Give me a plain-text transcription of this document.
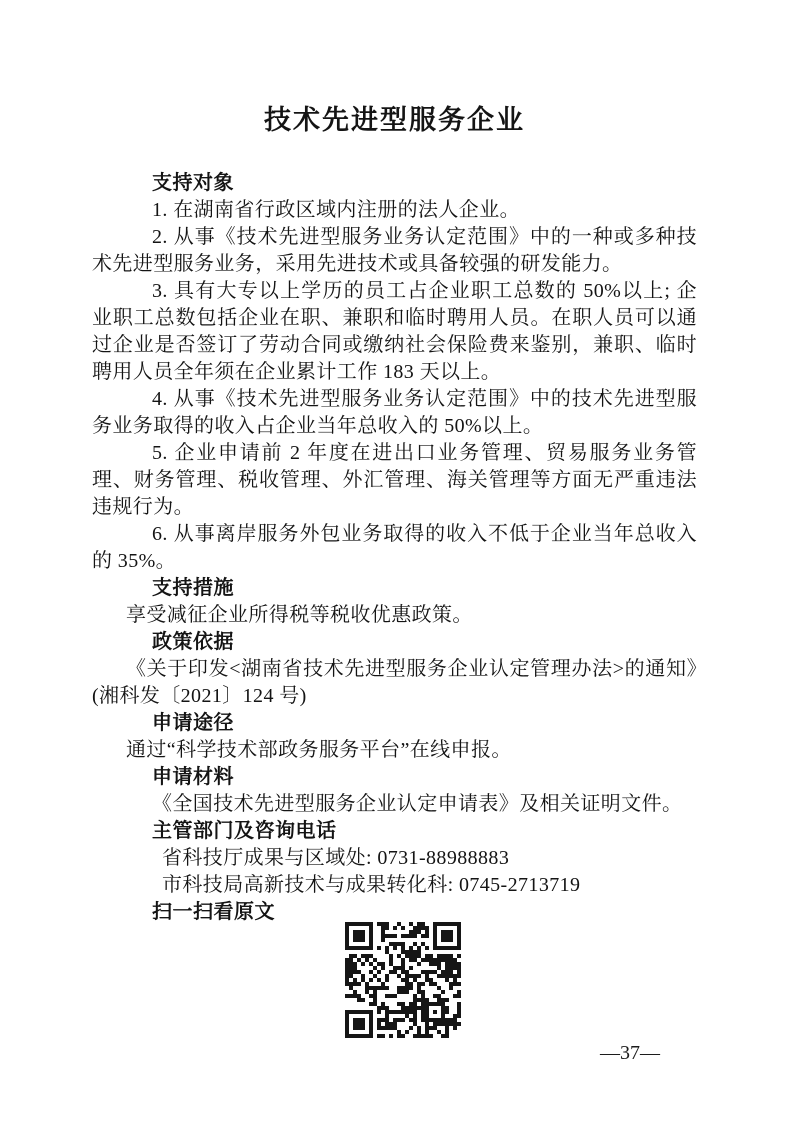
技术先进型服务企业
支持对象

1. 在湖南省行政区域内注册的法人企业。

2. 从事《技术先进型服务业务认定范围》中的一种或多种技术先进型服务业务，采用先进技术或具备较强的研发能力。

3. 具有大专以上学历的员工占企业职工总数的 50%以上; 企业职工总数包括企业在职、兼职和临时聘用人员。在职人员可以通过企业是否签订了劳动合同或缴纳社会保险费来鉴别，兼职、临时聘用人员全年须在企业累计工作 183 天以上。

4. 从事《技术先进型服务业务认定范围》中的技术先进型服务业务取得的收入占企业当年总收入的 50%以上。

5. 企业申请前 2 年度在进出口业务管理、贸易服务业务管理、财务管理、税收管理、外汇管理、海关管理等方面无严重违法违规行为。

6. 从事离岸服务外包业务取得的收入不低于企业当年总收入的 35%。

支持措施

享受减征企业所得税等税收优惠政策。

政策依据

《关于印发<湖南省技术先进型服务企业认定管理办法>的通知》(湘科发〔2021〕124 号)

申请途径

通过“科学技术部政务服务平台”在线申报。

申请材料

《全国技术先进型服务企业认定申请表》及相关证明文件。

主管部门及咨询电话

省科技厅成果与区域处: 0731-88988883

市科技局高新技术与成果转化科: 0745-2713719

扫一扫看原文
—37—
